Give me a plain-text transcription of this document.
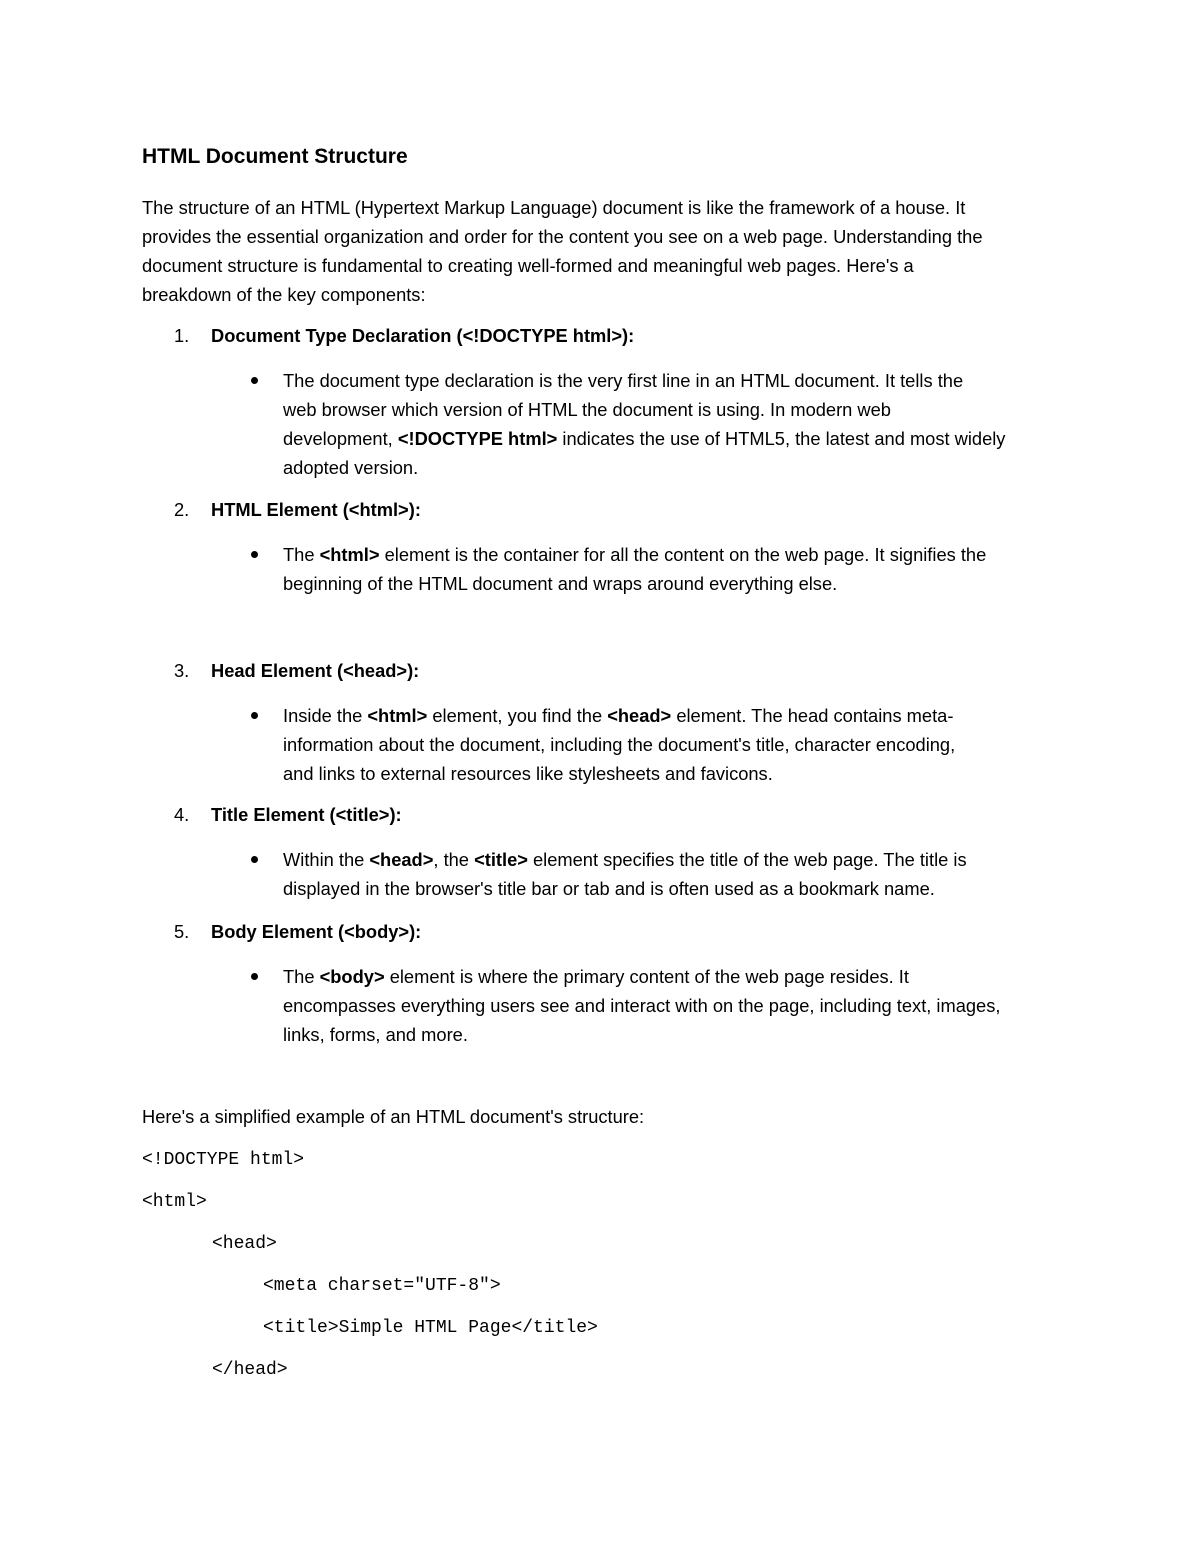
HTML Document Structure

The structure of an HTML (Hypertext Markup Language) document is like the framework of a house. It
provides the essential organization and order for the content you see on a web page. Understanding the
document structure is fundamental to creating well-formed and meaningful web pages. Here's a
breakdown of the key components:

1. Document Type Declaration (<!DOCTYPE html>):
The document type declaration is the very first line in an HTML document. It tells the
web browser which version of HTML the document is using. In modern web
development, <!DOCTYPE html> indicates the use of HTML5, the latest and most widely
adopted version.
2. HTML Element (<html>):
The <html> element is the container for all the content on the web page. It signifies the
beginning of the HTML document and wraps around everything else.
3. Head Element (<head>):
Inside the <html> element, you find the <head> element. The head contains meta-
information about the document, including the document's title, character encoding,
and links to external resources like stylesheets and favicons.
4. Title Element (<title>):
Within the <head>, the <title> element specifies the title of the web page. The title is
displayed in the browser's title bar or tab and is often used as a bookmark name.
5. Body Element (<body>):
The <body> element is where the primary content of the web page resides. It
encompasses everything users see and interact with on the page, including text, images,
links, forms, and more.
Here's a simplified example of an HTML document's structure:
<!DOCTYPE html>
<html>
<head>
<meta charset="UTF-8">
<title>Simple HTML Page</title>
</head>
